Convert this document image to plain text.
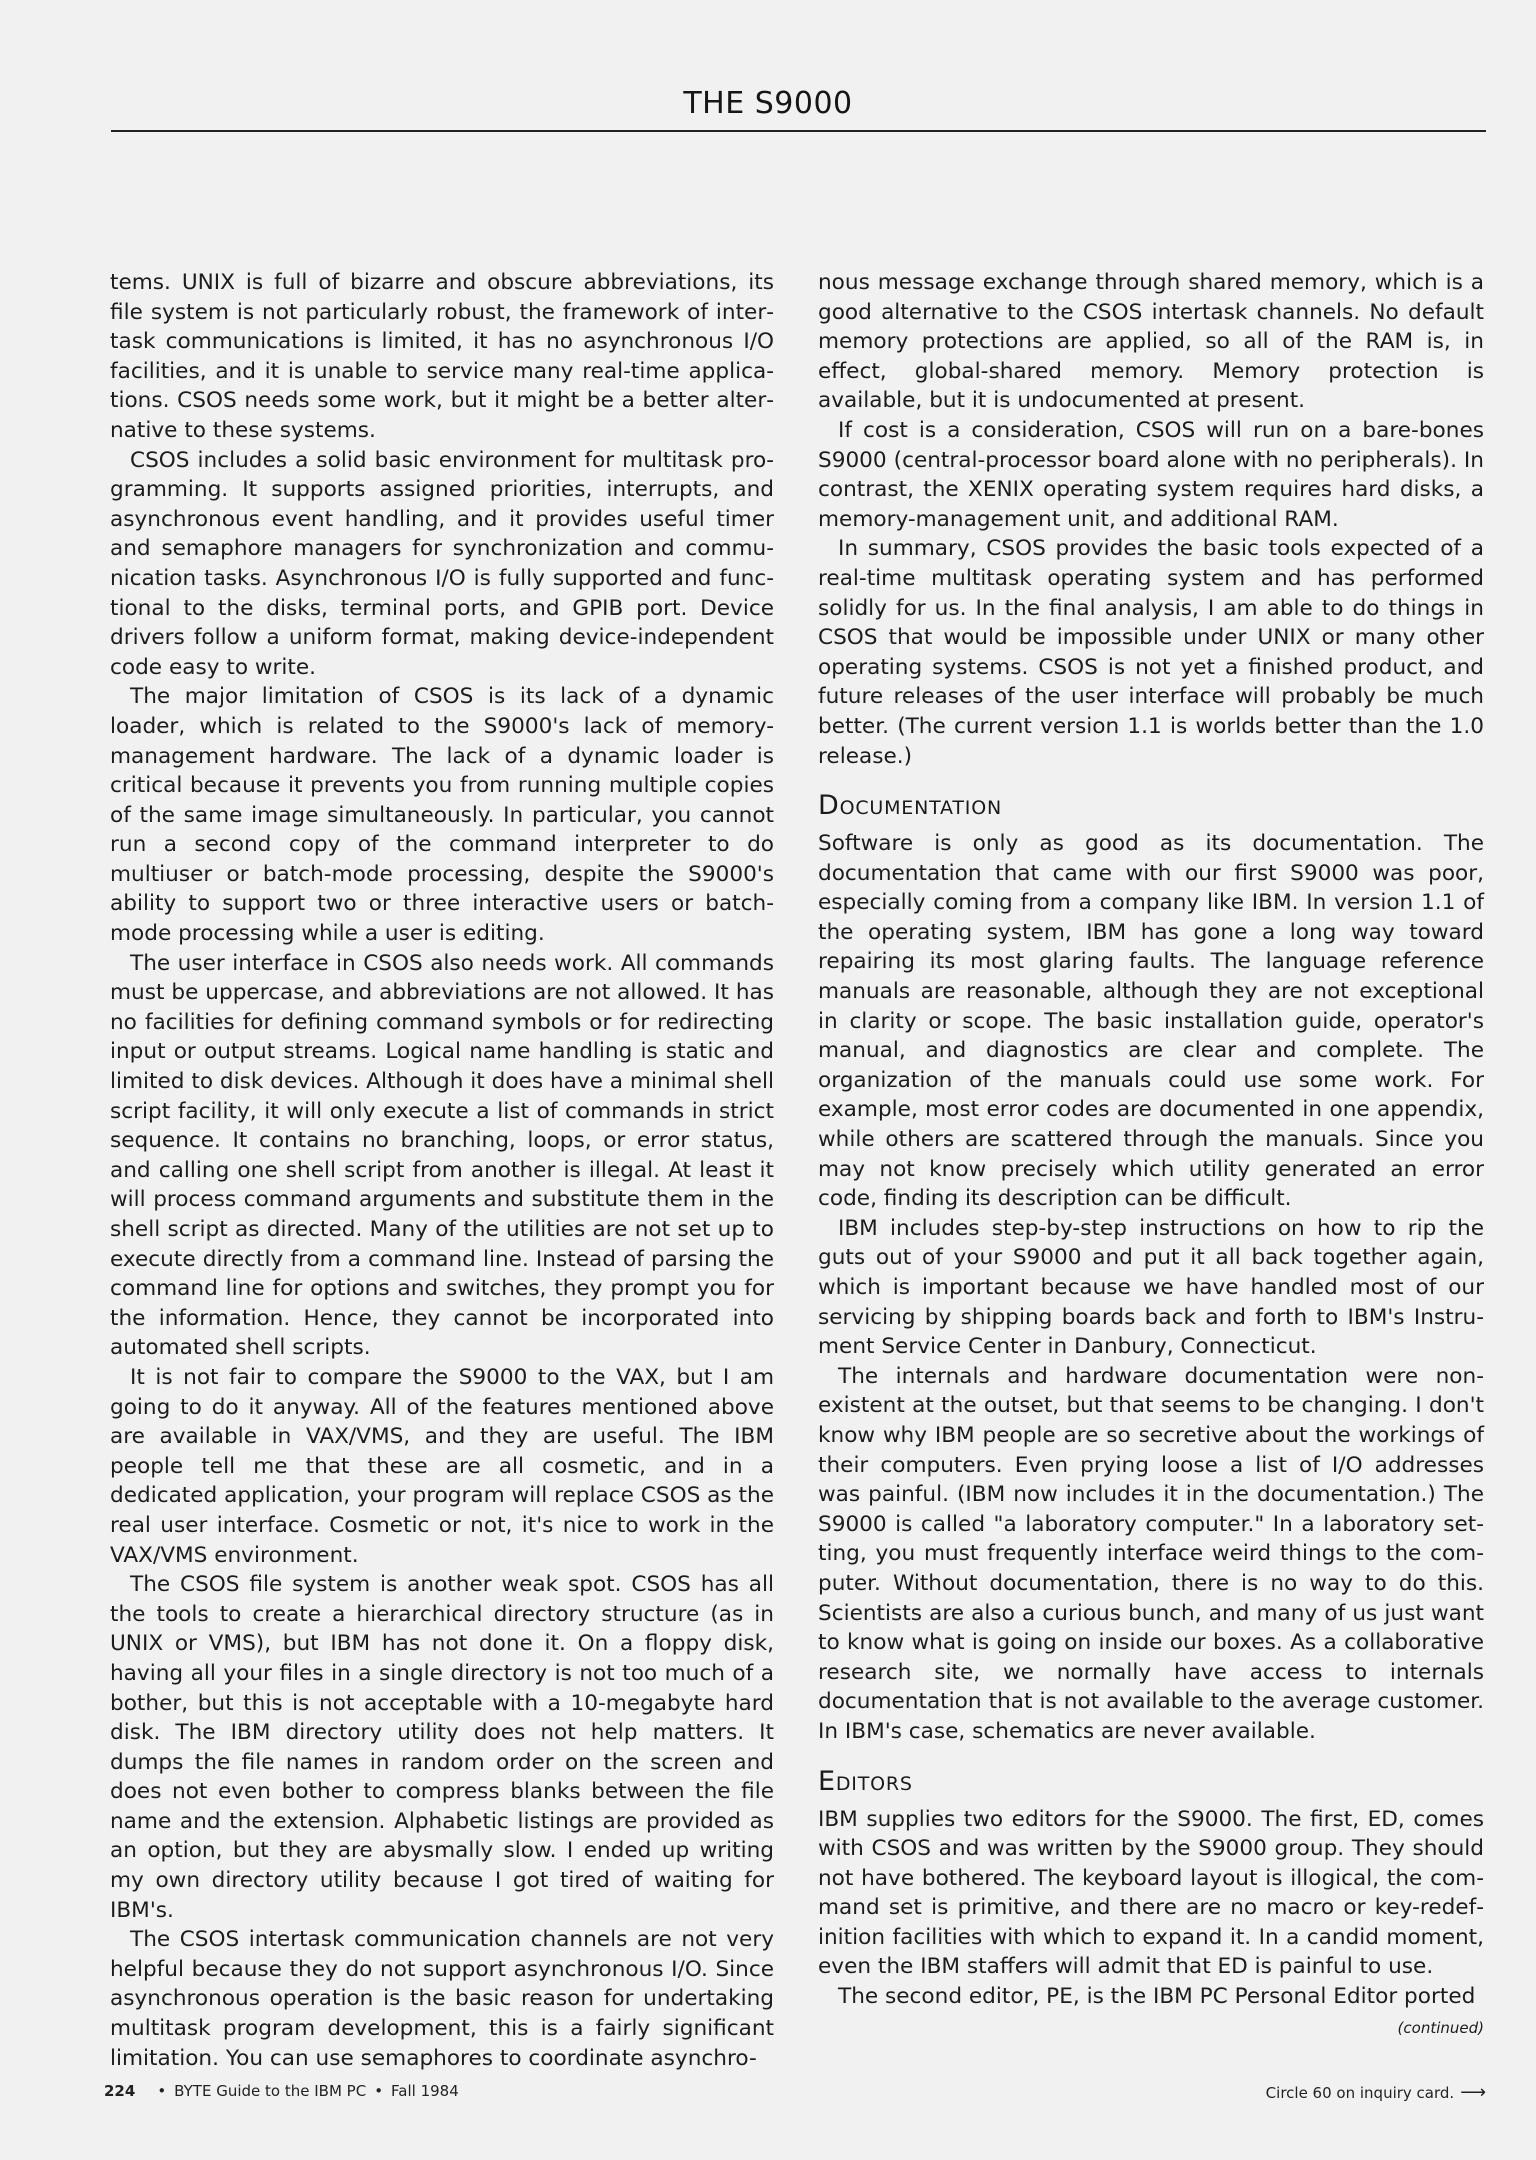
THE S9000

tems. UNIX is full of bizarre and obscure abbreviations, its file system is not particularly robust, the framework of intertask communications is limited, it has no asynchronous I/O facilities, and it is unable to service many real-time applications. CSOS needs some work, but it might be a better alternative to these systems.

CSOS includes a solid basic environment for multitask programming. It supports assigned priorities, interrupts, and asynchronous event handling, and it provides useful timer and semaphore managers for synchronization and communication tasks. Asynchronous I/O is fully supported and functional to the disks, terminal ports, and GPIB port. Device drivers follow a uniform format, making device-independent code easy to write.

The major limitation of CSOS is its lack of a dynamic loader, which is related to the S9000's lack of memory-management hardware. The lack of a dynamic loader is critical because it prevents you from running multiple copies of the same image simultaneously. In particular, you cannot run a second copy of the command interpreter to do multiuser or batch-mode processing, despite the S9000's ability to support two or three interactive users or batch-mode processing while a user is editing.

The user interface in CSOS also needs work. All commands must be uppercase, and abbreviations are not allowed. It has no facilities for defining command symbols or for redirecting input or output streams. Logical name handling is static and limited to disk devices. Although it does have a minimal shell script facility, it will only execute a list of commands in strict sequence. It contains no branching, loops, or error status, and calling one shell script from another is illegal. At least it will process command arguments and substitute them in the shell script as directed. Many of the utilities are not set up to execute directly from a command line. Instead of parsing the command line for options and switches, they prompt you for the information. Hence, they cannot be incorporated into automated shell scripts.

It is not fair to compare the S9000 to the VAX, but I am going to do it anyway. All of the features mentioned above are available in VAX/VMS, and they are useful. The IBM people tell me that these are all cosmetic, and in a dedicated application, your program will replace CSOS as the real user interface. Cosmetic or not, it's nice to work in the VAX/VMS environment.

The CSOS file system is another weak spot. CSOS has all the tools to create a hierarchical directory structure (as in UNIX or VMS), but IBM has not done it. On a floppy disk, having all your files in a single directory is not too much of a bother, but this is not acceptable with a 10-megabyte hard disk. The IBM directory utility does not help matters. It dumps the file names in random order on the screen and does not even bother to compress blanks between the file name and the extension. Alphabetic listings are provided as an option, but they are abysmally slow. I ended up writing my own directory utility because I got tired of waiting for IBM's.

The CSOS intertask communication channels are not very helpful because they do not support asynchronous I/O. Since asynchronous operation is the basic reason for undertaking multitask program development, this is a fairly significant limitation. You can use semaphores to coordinate asynchro-

nous message exchange through shared memory, which is a good alternative to the CSOS intertask channels. No default memory protections are applied, so all of the RAM is, in effect, global-shared memory. Memory protection is available, but it is undocumented at present.

If cost is a consideration, CSOS will run on a bare-bones S9000 (central-processor board alone with no peripherals). In contrast, the XENIX operating system requires hard disks, a memory-management unit, and additional RAM.

In summary, CSOS provides the basic tools expected of a real-time multitask operating system and has performed solidly for us. In the final analysis, I am able to do things in CSOS that would be impossible under UNIX or many other operating systems. CSOS is not yet a finished product, and future releases of the user interface will probably be much better. (The current version 1.1 is worlds better than the 1.0 release.)

Documentation

Software is only as good as its documentation. The documentation that came with our first S9000 was poor, especially coming from a company like IBM. In version 1.1 of the operating system, IBM has gone a long way toward repairing its most glaring faults. The language reference manuals are reasonable, although they are not exceptional in clarity or scope. The basic installation guide, operator's manual, and diagnostics are clear and complete. The organization of the manuals could use some work. For example, most error codes are documented in one appendix, while others are scattered through the manuals. Since you may not know precisely which utility generated an error code, finding its description can be difficult.

IBM includes step-by-step instructions on how to rip the guts out of your S9000 and put it all back together again, which is important because we have handled most of our servicing by shipping boards back and forth to IBM's Instrument Service Center in Danbury, Connecticut.

The internals and hardware documentation were nonexistent at the outset, but that seems to be changing. I don't know why IBM people are so secretive about the workings of their computers. Even prying loose a list of I/O addresses was painful. (IBM now includes it in the documentation.) The S9000 is called "a laboratory computer." In a laboratory setting, you must frequently interface weird things to the computer. Without documentation, there is no way to do this. Scientists are also a curious bunch, and many of us just want to know what is going on inside our boxes. As a collaborative research site, we normally have access to internals documentation that is not available to the average customer. In IBM's case, schematics are never available.

Editors

IBM supplies two editors for the S9000. The first, ED, comes with CSOS and was written by the S9000 group. They should not have bothered. The keyboard layout is illogical, the command set is primitive, and there are no macro or key-redefinition facilities with which to expand it. In a candid moment, even the IBM staffers will admit that ED is painful to use.

The second editor, PE, is the IBM PC Personal Editor ported

(continued)
224 • BYTE Guide to the IBM PC • Fall 1984	Circle 60 on inquiry card. ⟶
